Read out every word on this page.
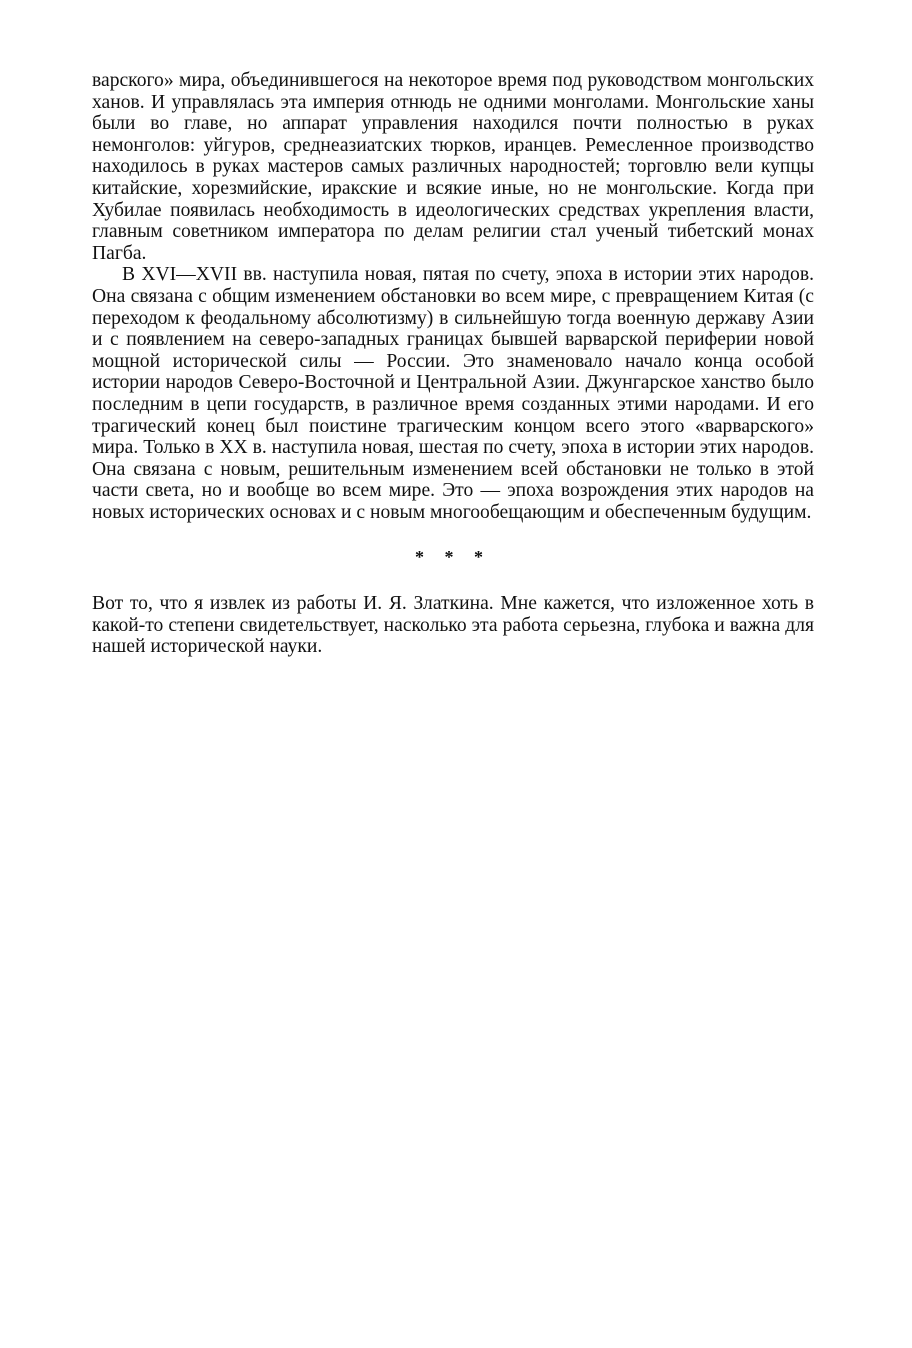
варского» мира, объединившегося на некоторое время под руководством монгольских ханов. И управлялась эта империя отнюдь не одними монголами. Монгольские ханы были во главе, но аппарат управления находился почти полностью в руках немонголов: уйгуров, среднеазиатских тюрков, иранцев. Ремесленное производство находилось в руках мастеров самых различных народностей; торговлю вели купцы китайские, хорезмийские, иракские и всякие иные, но не монгольские. Когда при Хубилае появилась необходимость в идеологических средствах укрепления власти, главным советником императора по делам религии стал ученый тибетский монах Пагба.

В XVI—XVII вв. наступила новая, пятая по счету, эпоха в истории этих народов. Она связана с общим изменением обстановки во всем мире, с превращением Китая (с переходом к феодальному абсолютизму) в сильнейшую тогда военную державу Азии и с появлением на северо-западных границах бывшей варварской периферии новой мощной исторической силы — России. Это знаменовало начало конца особой истории народов Северо-Восточной и Центральной Азии. Джунгарское ханство было последним в цепи государств, в различное время созданных этими народами. И его трагический конец был поистине трагическим концом всего этого «варварского» мира. Только в XX в. наступила новая, шестая по счету, эпоха в истории этих народов. Она связана с новым, решительным изменением всей обстановки не только в этой части света, но и вообще во всем мире. Это — эпоха возрождения этих народов на новых исторических основах и с новым многообещающим и обеспеченным будущим.

* * *

Вот то, что я извлек из работы И. Я. Златкина. Мне кажется, что изложенное хоть в какой-то степени свидетельствует, насколько эта работа серьезна, глубока и важна для нашей исторической науки.
